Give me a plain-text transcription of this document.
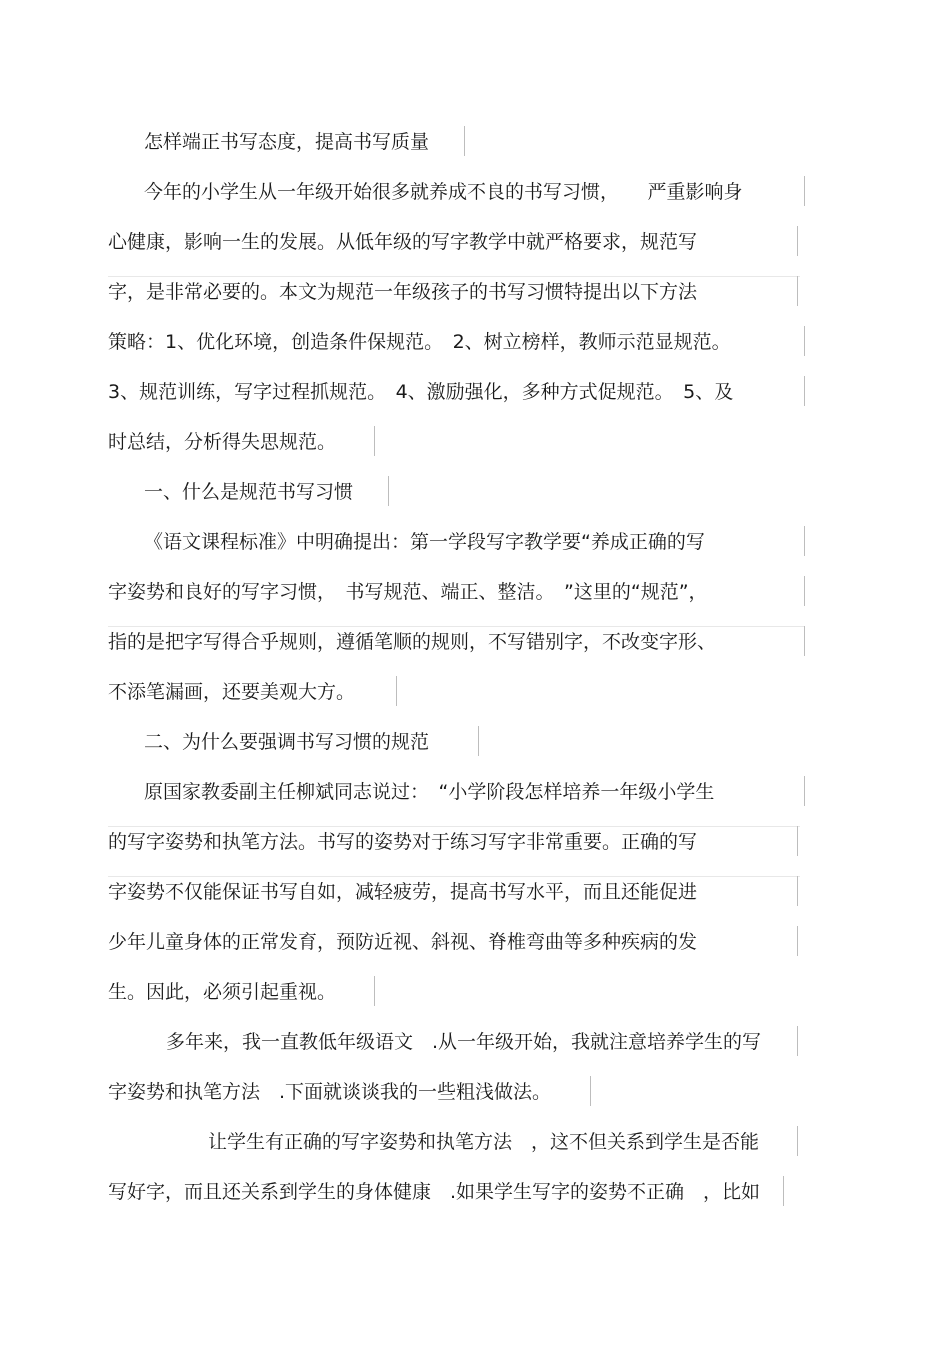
怎样端正书写态度，提高书写质量
今年的小学生从一年级开始很多就养成不良的书写习惯，　　严重影响身
心健康，影响一生的发展。从低年级的写字教学中就严格要求，规范写
字，是非常必要的。本文为规范一年级孩子的书写习惯特提出以下方法
策略：1、优化环境，创造条件保规范。　2、树立榜样，教师示范显规范。
3、规范训练，写字过程抓规范。　4、激励强化，多种方式促规范。　5、及
时总结，分析得失思规范。
一、什么是规范书写习惯
《语文课程标准》中明确提出：第一学段写字教学要“养成正确的写
字姿势和良好的写字习惯，　书写规范、端正、整洁。　”这里的“规范”，
指的是把字写得合乎规则，遵循笔顺的规则，不写错别字，不改变字形、
不添笔漏画，还要美观大方。
二、为什么要强调书写习惯的规范
原国家教委副主任柳斌同志说过：　“小学阶段怎样培养一年级小学生
的写字姿势和执笔方法。书写的姿势对于练习写字非常重要。正确的写
字姿势不仅能保证书写自如，减轻疲劳，提高书写水平，而且还能促进
少年儿童身体的正常发育，预防近视、斜视、脊椎弯曲等多种疾病的发
生。因此，必须引起重视。
多年来，我一直教低年级语文　.从一年级开始，我就注意培养学生的写
字姿势和执笔方法　.下面就谈谈我的一些粗浅做法。
让学生有正确的写字姿势和执笔方法　，这不但关系到学生是否能
写好字，而且还关系到学生的身体健康　.如果学生写字的姿势不正确　，比如
